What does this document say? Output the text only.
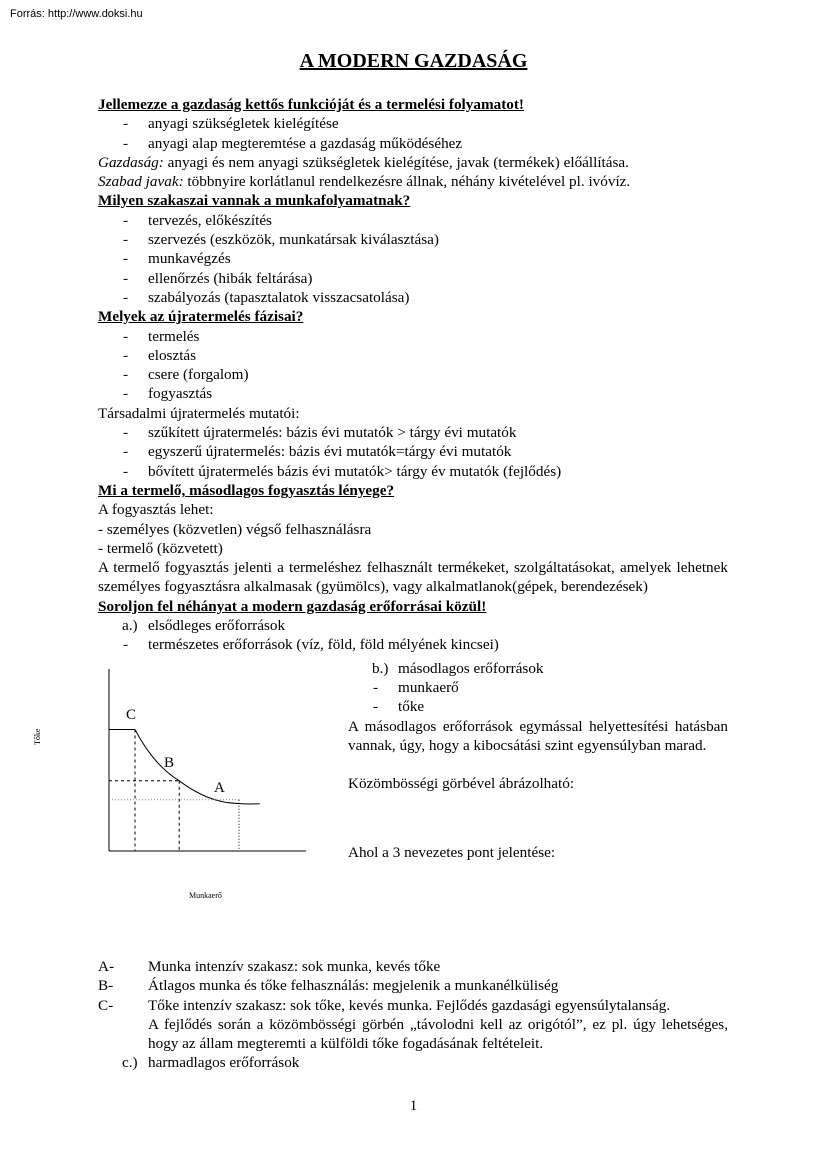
Forrás: http://www.doksi.hu
A MODERN GAZDASÁG
Jellemezze a gazdaság kettős funkcióját és a termelési folyamatot!
- anyagi szükségletek kielégítése
- anyagi alap megteremtése a gazdaság működéséhez
Gazdaság: anyagi és nem anyagi szükségletek kielégítése, javak (termékek) előállítása.
Szabad javak: többnyire korlátlanul rendelkezésre állnak, néhány kivételével pl. ivóvíz.
Milyen szakaszai vannak a munkafolyamatnak?
- tervezés, előkészítés
- szervezés (eszközök, munkatársak kiválasztása)
- munkavégzés
- ellenőrzés (hibák feltárása)
- szabályozás (tapasztalatok visszacsatolása)
Melyek az újratermelés fázisai?
- termelés
- elosztás
- csere (forgalom)
- fogyasztás
Társadalmi újratermelés mutatói:
- szűkített újratermelés: bázis évi mutatók > tárgy évi mutatók
- egyszerű újratermelés: bázis évi mutatók=tárgy évi mutatók
- bővített újratermelés bázis évi mutatók> tárgy év mutatók (fejlődés)
Mi a termelő, másodlagos fogyasztás lényege?
A fogyasztás lehet:
- személyes (közvetlen) végső felhasználásra
- termelő (közvetett)
A termelő fogyasztás jelenti a termeléshez felhasznált termékeket, szolgáltatásokat, amelyek lehetnek személyes fogyasztásra alkalmasak (gyümölcs), vagy alkalmatlanok(gépek, berendezések)
Soroljon fel néhányat a modern gazdaság erőforrásai közül!
a.) elsődleges erőforrások
- természetes erőforrások (víz, föld, föld mélyének kincsei)
C
B
A
Tőke
Munkaerő
b.) másodlagos erőforrások
- munkaerő
- tőke
A másodlagos erőforrások egymással helyettesítési hatásban vannak, úgy, hogy a kibocsátási szint egyensúlyban marad.
Közömbösségi görbével ábrázolható:
Ahol a 3 nevezetes pont jelentése:
A- Munka intenzív szakasz: sok munka, kevés tőke
B- Átlagos munka és tőke felhasználás: megjelenik a munkanélküliség
C- Tőke intenzív szakasz: sok tőke, kevés munka. Fejlődés gazdasági egyensúlytalanság.
A fejlődés során a közömbösségi görbén „távolodni kell az origótól”, ez pl. úgy lehetséges, hogy az állam megteremti a külföldi tőke fogadásának feltételeit.
c.) harmadlagos erőforrások
1
